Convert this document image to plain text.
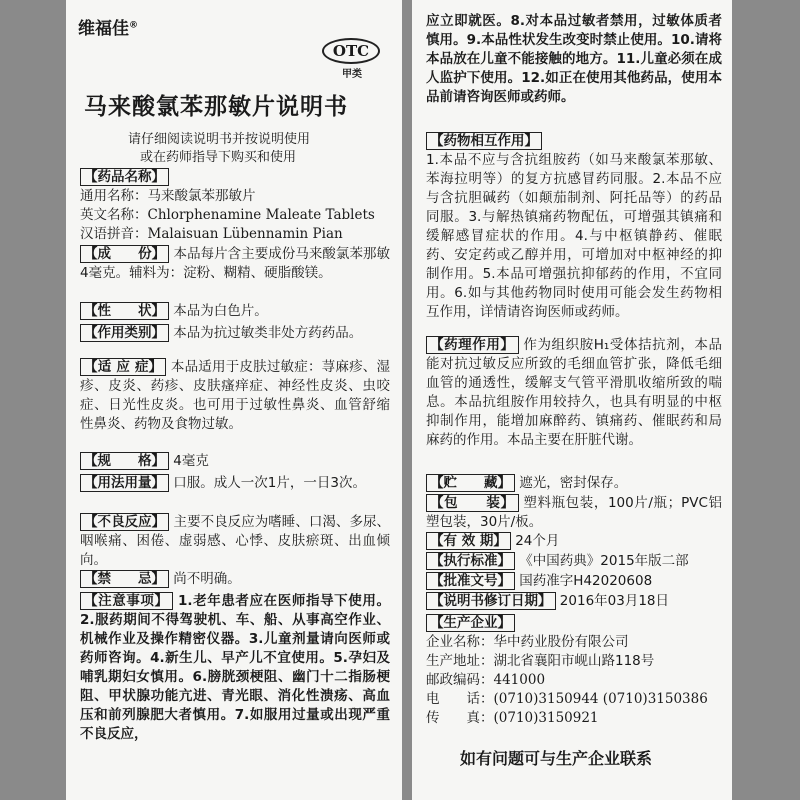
维福佳®
OTC
甲类
马来酸氯苯那敏片说明书
请仔细阅读说明书并按说明使用
或在药师指导下购买和使用
【药品名称】
通用名称：马来酸氯苯那敏片
英文名称：Chlorphenamine Maleate Tablets
汉语拼音：Malaisuan Lübennamin Pian
【成　　份】 本品每片含主要成份马来酸氯苯那敏4毫克。辅料为：淀粉、糊精、硬脂酸镁。
【性　　状】 本品为白色片。
【作用类别】 本品为抗过敏类非处方药药品。
【适 应 症】 本品适用于皮肤过敏症：荨麻疹、湿疹、皮炎、药疹、皮肤瘙痒症、神经性皮炎、虫咬症、日光性皮炎。也可用于过敏性鼻炎、血管舒缩性鼻炎、药物及食物过敏。
【规　　格】 4毫克
【用法用量】 口服。成人一次1片，一日3次。
【不良反应】 主要不良反应为嗜睡、口渴、多尿、咽喉痛、困倦、虚弱感、心悸、皮肤瘀斑、出血倾向。
【禁　　忌】 尚不明确。
【注意事项】 1.老年患者应在医师指导下使用。2.服药期间不得驾驶机、车、船、从事高空作业、机械作业及操作精密仪器。3.儿童剂量请向医师或药师咨询。4.新生儿、早产儿不宜使用。5.孕妇及哺乳期妇女慎用。6.膀胱颈梗阻、幽门十二指肠梗阻、甲状腺功能亢进、青光眼、消化性溃疡、高血压和前列腺肥大者慎用。7.如服用过量或出现严重不良反应，
应立即就医。8.对本品过敏者禁用，过敏体质者慎用。9.本品性状发生改变时禁止使用。10.请将本品放在儿童不能接触的地方。11.儿童必须在成人监护下使用。12.如正在使用其他药品，使用本品前请咨询医师或药师。
【药物相互作用】
1.本品不应与含抗组胺药（如马来酸氯苯那敏、苯海拉明等）的复方抗感冒药同服。2.本品不应与含抗胆碱药（如颠茄制剂、阿托品等）的药品同服。3.与解热镇痛药物配伍，可增强其镇痛和缓解感冒症状的作用。4.与中枢镇静药、催眠药、安定药或乙醇并用，可增加对中枢神经的抑制作用。5.本品可增强抗抑郁药的作用，不宜同用。6.如与其他药物同时使用可能会发生药物相互作用，详情请咨询医师或药师。
【药理作用】 作为组织胺H₁受体拮抗剂，本品能对抗过敏反应所致的毛细血管扩张，降低毛细血管的通透性，缓解支气管平滑肌收缩所致的喘息。本品抗组胺作用较持久，也具有明显的中枢抑制作用，能增加麻醉药、镇痛药、催眠药和局麻药的作用。本品主要在肝脏代谢。
【贮　　藏】 遮光，密封保存。
【包　　装】 塑料瓶包装，100片/瓶；PVC铝塑包装，30片/板。
【有 效 期】 24个月
【执行标准】 《中国药典》2015年版二部
【批准文号】 国药准字H42020608
【说明书修订日期】 2016年03月18日
【生产企业】
企业名称：华中药业股份有限公司
生产地址：湖北省襄阳市岘山路118号
邮政编码：441000
电　　话：(0710)3150944 (0710)3150386
传　　真：(0710)3150921
如有问题可与生产企业联系
